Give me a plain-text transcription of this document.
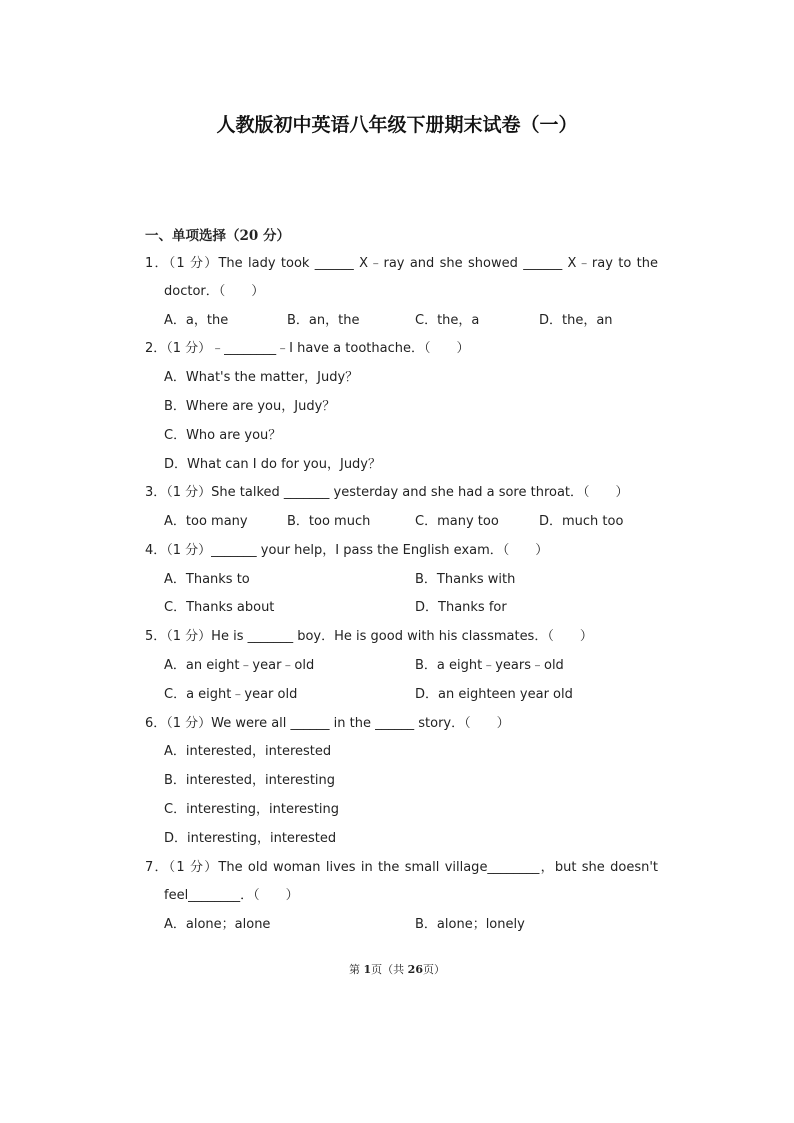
人教版初中英语八年级下册期末试卷（一）
一、单项选择（20 分）
1．（1 分）The lady took ______ X﹣ray and she showed ______ X﹣ray to the
doctor．（　　）
A．a，the	B．an，the	C．the，a	D．the，an
2．（1 分）﹣________﹣I have a toothache．（　　）
A．What's the matter，Judy？
B．Where are you，Judy？
C．Who are you？
D．What can I do for you，Judy？
3．（1 分）She talked _______ yesterday and she had a sore throat．（　　）
A．too many	B．too much	C．many too	D．much too
4．（1 分）_______ your help，I pass the English exam．（　　）
A．Thanks to	B．Thanks with
C．Thanks about	D．Thanks for
5．（1 分）He is _______ boy．He is good with his classmates．（　　）
A．an eight﹣year﹣old	B．a eight﹣years﹣old
C．a eight﹣year old	D．an eighteen year old
6．（1 分）We were all ______ in the ______ story．（　　）
A．interested，interested
B．interested，interesting
C．interesting，interesting
D．interesting，interested
7．（1 分）The old woman lives in the small village________，but she doesn't
feel________．（　　）
A．alone；alone	B．alone；lonely
第 1页（共 26页）
